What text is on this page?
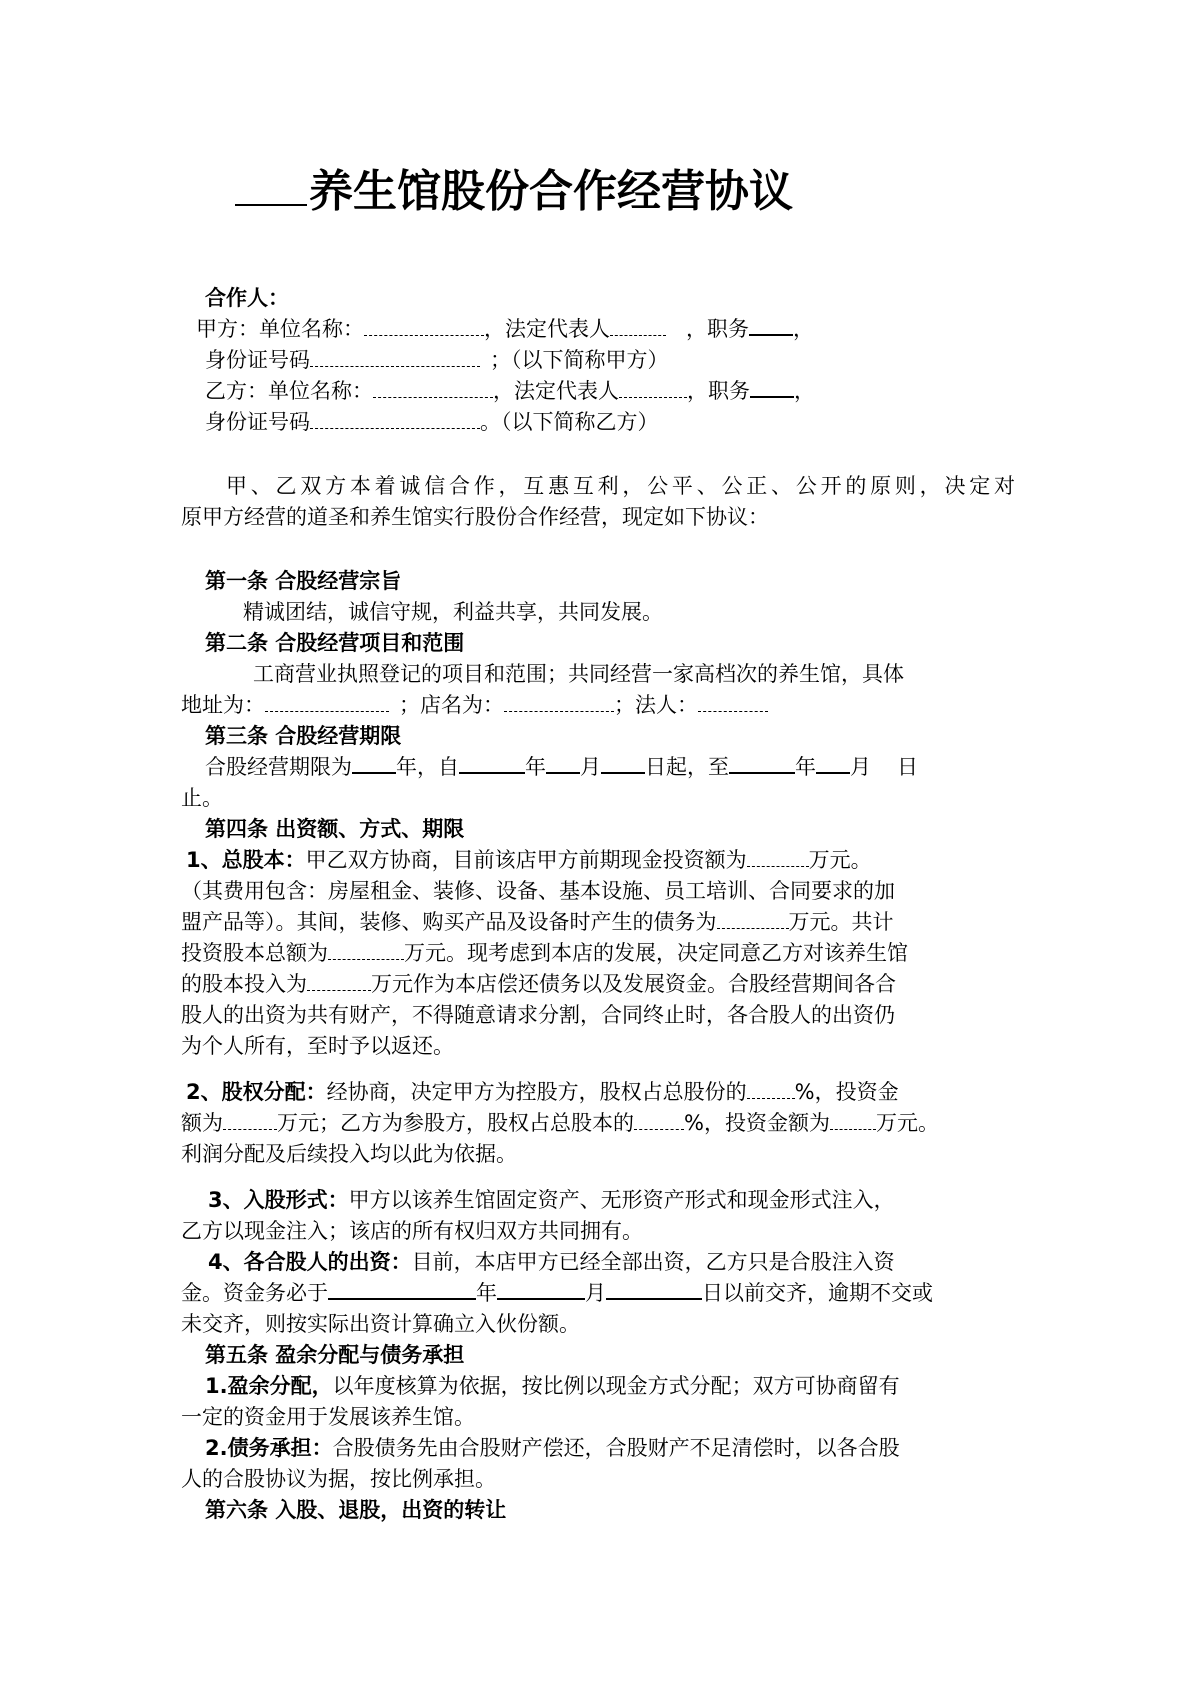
养生馆股份合作经营协议
合作人：
甲方：单位名称：	，法定代表人	，职务 ，
身份证号码	；（以下简称甲方）
乙方：单位名称：	，法定代表人	，职务 ，
身份证号码	。（以下简称乙方）
甲、乙双方本着诚信合作，互惠互利，公平、公正、公开的原则，决定对
原甲方经营的道圣和养生馆实行股份合作经营，现定如下协议：
第一条 合股经营宗旨
精诚团结，诚信守规，利益共享，共同发展。
第二条 合股经营项目和范围
工商营业执照登记的项目和范围；共同经营一家高档次的养生馆，具体
地址为：	；店名为：	；法人：
第三条 合股经营期限
合股经营期限为 年，自	年 月 日起，至	年 月 日
止。
第四条 出资额、方式、期限
1、总股本：甲乙双方协商，目前该店甲方前期现金投资额为	万元。
（其费用包含：房屋租金、装修、设备、基本设施、员工培训、合同要求的加
盟产品等）。其间，装修、购买产品及设备时产生的债务为	万元。共计
投资股本总额为	万元。现考虑到本店的发展，决定同意乙方对该养生馆
的股本投入为	万元作为本店偿还债务以及发展资金。合股经营期间各合
股人的出资为共有财产，不得随意请求分割，合同终止时，各合股人的出资仍
为个人所有，至时予以返还。
2、股权分配：经协商，决定甲方为控股方，股权占总股份的 %，投资金
额为	万元；乙方为参股方，股权占总股本的 %，投资金额为 万元。
利润分配及后续投入均以此为依据。
3、入股形式：甲方以该养生馆固定资产、无形资产形式和现金形式注入，
乙方以现金注入；该店的所有权归双方共同拥有。
4、各合股人的出资：目前，本店甲方已经全部出资，乙方只是合股注入资
金。资金务必于	年	月	日以前交齐，逾期不交或
未交齐，则按实际出资计算确立入伙份额。
第五条 盈余分配与债务承担
1.盈余分配，以年度核算为依据，按比例以现金方式分配；双方可协商留有
一定的资金用于发展该养生馆。
2.债务承担：合股债务先由合股财产偿还，合股财产不足清偿时，以各合股
人的合股协议为据，按比例承担。
第六条 入股、退股，出资的转让
